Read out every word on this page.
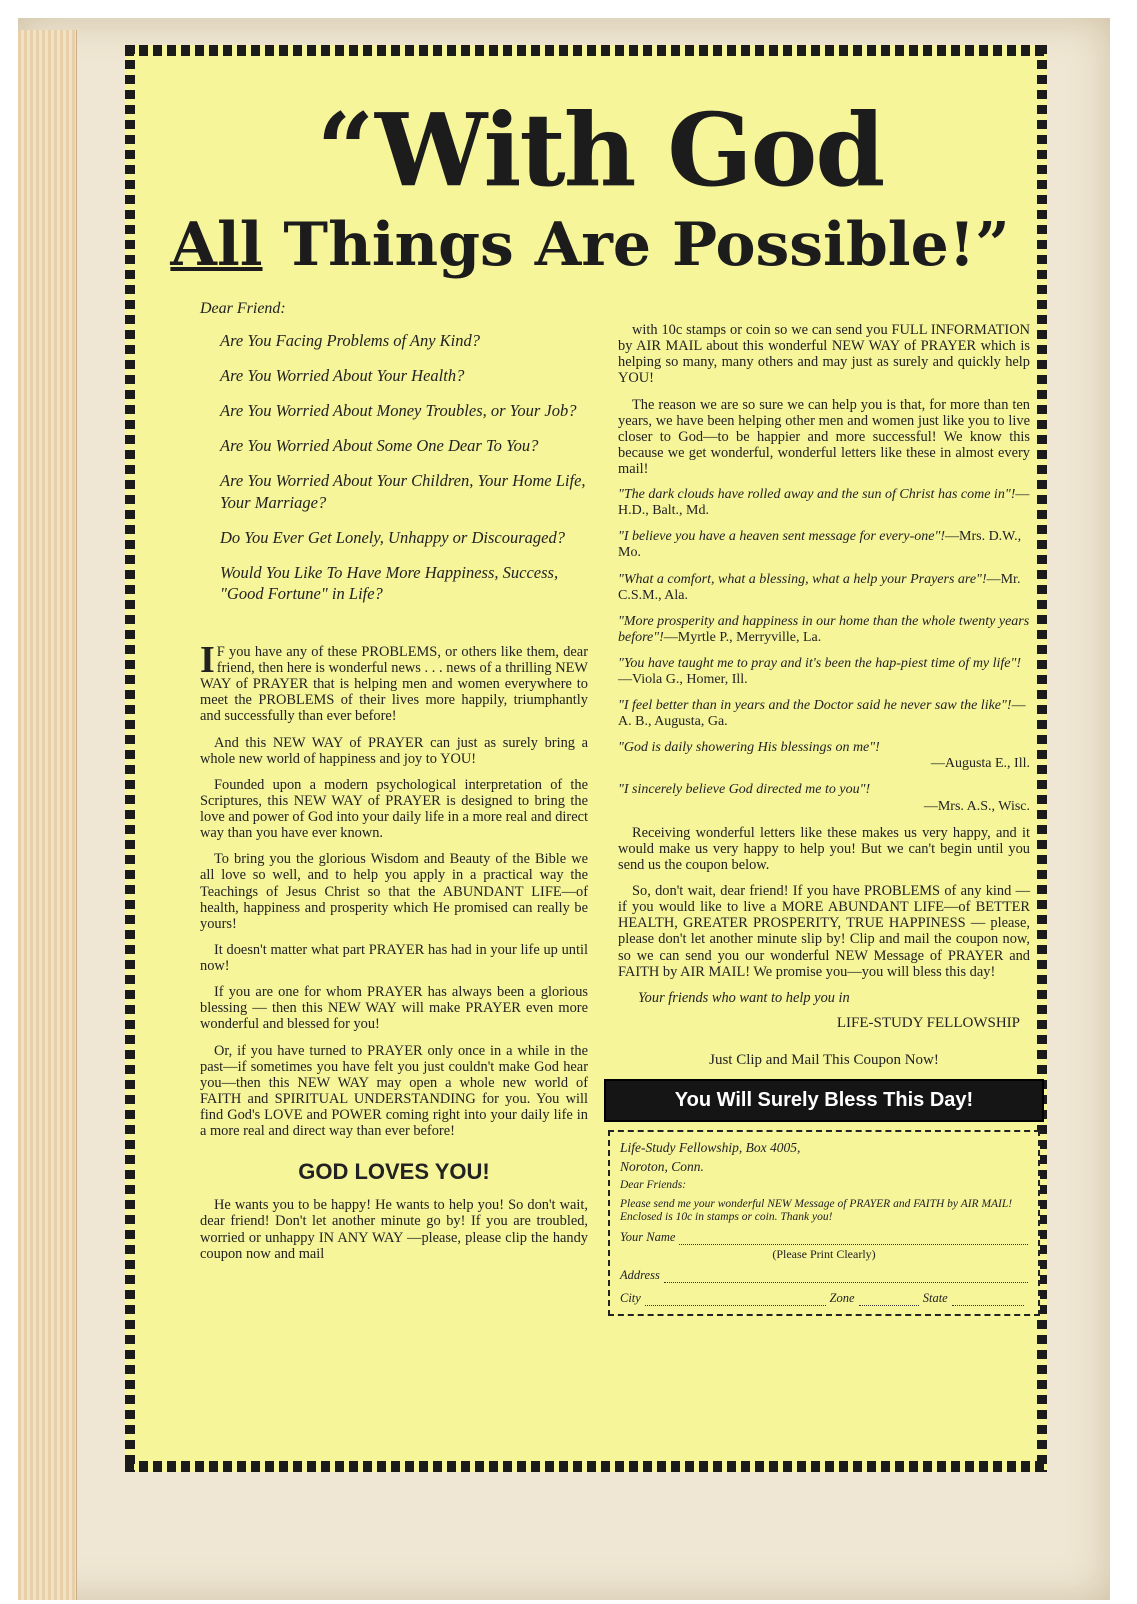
“With God
All Things Are Possible!”
Dear Friend:
Are You Facing Problems of Any Kind?
Are You Worried About Your Health?
Are You Worried About Money Troubles, or Your Job?
Are You Worried About Some One Dear To You?
Are You Worried About Your Children, Your Home Life, Your Marriage?
Do You Ever Get Lonely, Unhappy or Discouraged?
Would You Like To Have More Happiness, Success, "Good Fortune" in Life?

I F you have any of these PROBLEMS, or others like them, dear friend, then here is wonderful news . . . news of a thrilling NEW WAY of PRAYER that is helping men and women everywhere to meet the PROBLEMS of their lives more happily, triumphantly and successfully than ever before!

And this NEW WAY of PRAYER can just as surely bring a whole new world of happiness and joy to YOU!

Founded upon a modern psychological interpretation of the Scriptures, this NEW WAY of PRAYER is designed to bring the love and power of God into your daily life in a more real and direct way than you have ever known.

To bring you the glorious Wisdom and Beauty of the Bible we all love so well, and to help you apply in a practical way the Teachings of Jesus Christ so that the ABUNDANT LIFE—of health, happiness and prosperity which He promised can really be yours!

It doesn't matter what part PRAYER has had in your life up until now!

If you are one for whom PRAYER has always been a glorious blessing — then this NEW WAY will make PRAYER even more wonderful and blessed for you!

Or, if you have turned to PRAYER only once in a while in the past—if sometimes you have felt you just couldn't make God hear you—then this NEW WAY may open a whole new world of FAITH and SPIRITUAL UNDERSTANDING for you. You will find God's LOVE and POWER coming right into your daily life in a more real and direct way than ever before!

GOD LOVES YOU!

He wants you to be happy! He wants to help you! So don't wait, dear friend! Don't let another minute go by! If you are troubled, worried or unhappy IN ANY WAY —please, please clip the handy coupon now and mail

with 10c stamps or coin so we can send you FULL INFORMATION by AIR MAIL about this wonderful NEW WAY of PRAYER which is helping so many, many others and may just as surely and quickly help YOU!

The reason we are so sure we can help you is that, for more than ten years, we have been helping other men and women just like you to live closer to God—to be happier and more successful! We know this because we get wonderful, wonderful letters like these in almost every mail!

"The dark clouds have rolled away and the sun of Christ has come in"!—H.D., Balt., Md.
"I believe you have a heaven sent message for every-one"!—Mrs. D.W., Mo.
"What a comfort, what a blessing, what a help your Prayers are"!—Mr. C.S.M., Ala.
"More prosperity and happiness in our home than the whole twenty years before"!—Myrtle P., Merryville, La.
"You have taught me to pray and it's been the hap-piest time of my life"!—Viola G., Homer, Ill.
"I feel better than in years and the Doctor said he never saw the like"!—A. B., Augusta, Ga.
"God is daily showering His blessings on me"!
—Augusta E., Ill.
"I sincerely believe God directed me to you"!
—Mrs. A.S., Wisc.

Receiving wonderful letters like these makes us very happy, and it would make us very happy to help you! But we can't begin until you send us the coupon below.

So, don't wait, dear friend! If you have PROBLEMS of any kind — if you would like to live a MORE ABUNDANT LIFE—of BETTER HEALTH, GREATER PROSPERITY, TRUE HAPPINESS — please, please don't let another minute slip by! Clip and mail the coupon now, so we can send you our wonderful NEW Message of PRAYER and FAITH by AIR MAIL! We promise you—you will bless this day!

Your friends who want to help you in
LIFE-STUDY FELLOWSHIP
Just Clip and Mail This Coupon Now!
You Will Surely Bless This Day!
Life-Study Fellowship, Box 4005,
Noroton, Conn.
Dear Friends:
Please send me your wonderful NEW Message of PRAYER and FAITH by AIR MAIL! Enclosed is 10c in stamps or coin. Thank you!
Your Name
(Please Print Clearly)
Address
City	Zone	State
